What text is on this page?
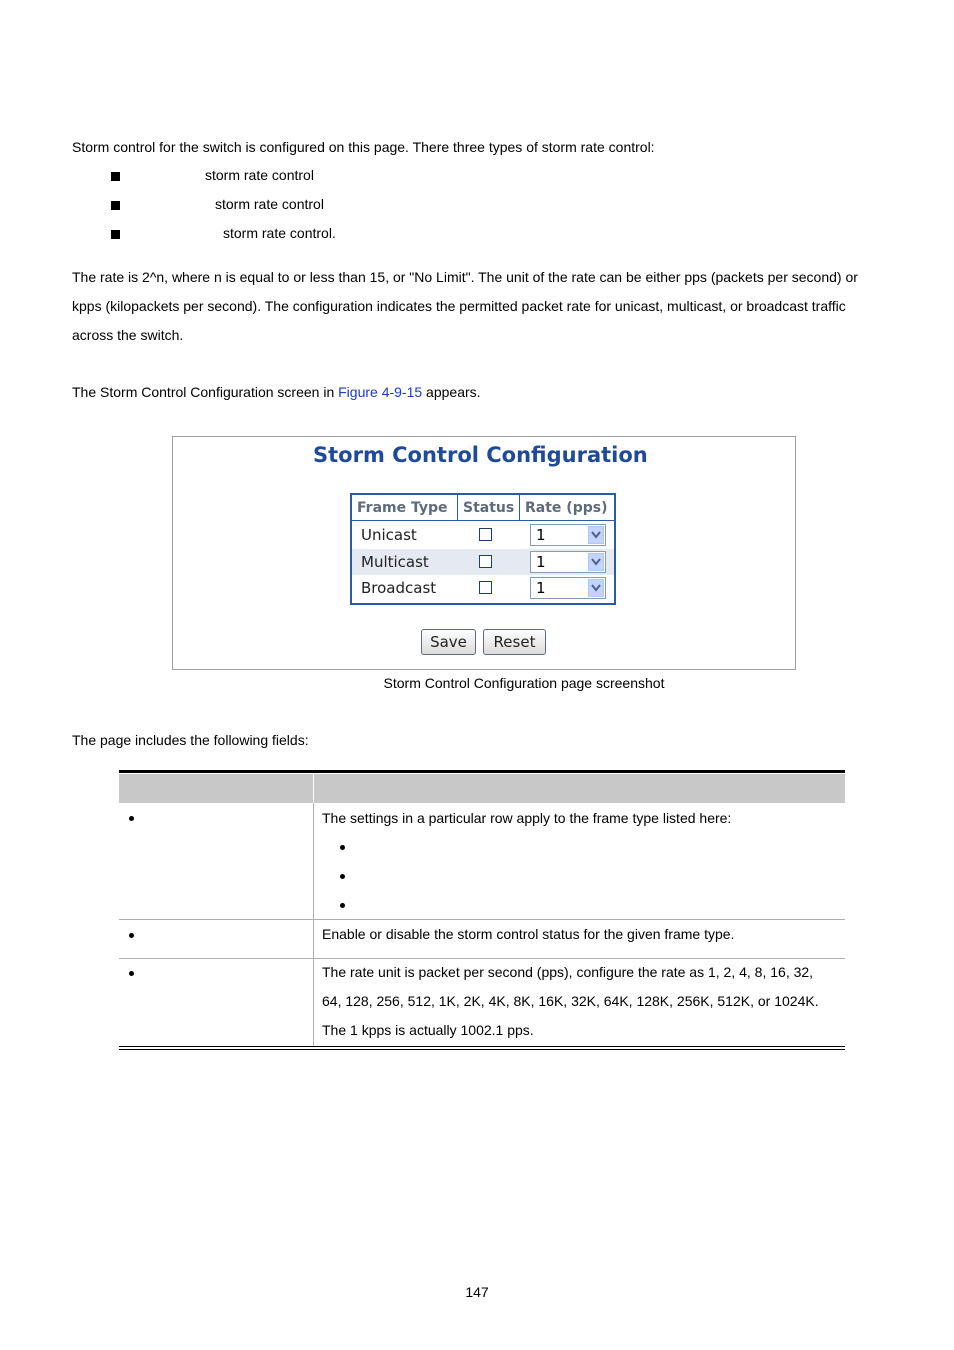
Storm control for the switch is configured on this page. There three types of storm rate control:
storm rate control
storm rate control
storm rate control.
The rate is 2^n, where n is equal to or less than 15, or "No Limit". The unit of the rate can be either pps (packets per second) or
kpps (kilopackets per second). The configuration indicates the permitted packet rate for unicast, multicast, or broadcast traffic
across the switch.
The Storm Control Configuration screen in Figure 4-9-15 appears.
Storm Control Configuration
Frame Type	Status Rate (pps)
Unicast	1
Multicast	1
Broadcast	1
Save	Reset
Storm Control Configuration page screenshot
The page includes the following fields:
The settings in a particular row apply to the frame type listed here:
Enable or disable the storm control status for the given frame type.
The rate unit is packet per second (pps), configure the rate as 1, 2, 4, 8, 16, 32,
64, 128, 256, 512, 1K, 2K, 4K, 8K, 16K, 32K, 64K, 128K, 256K, 512K, or 1024K.
The 1 kpps is actually 1002.1 pps.
147
